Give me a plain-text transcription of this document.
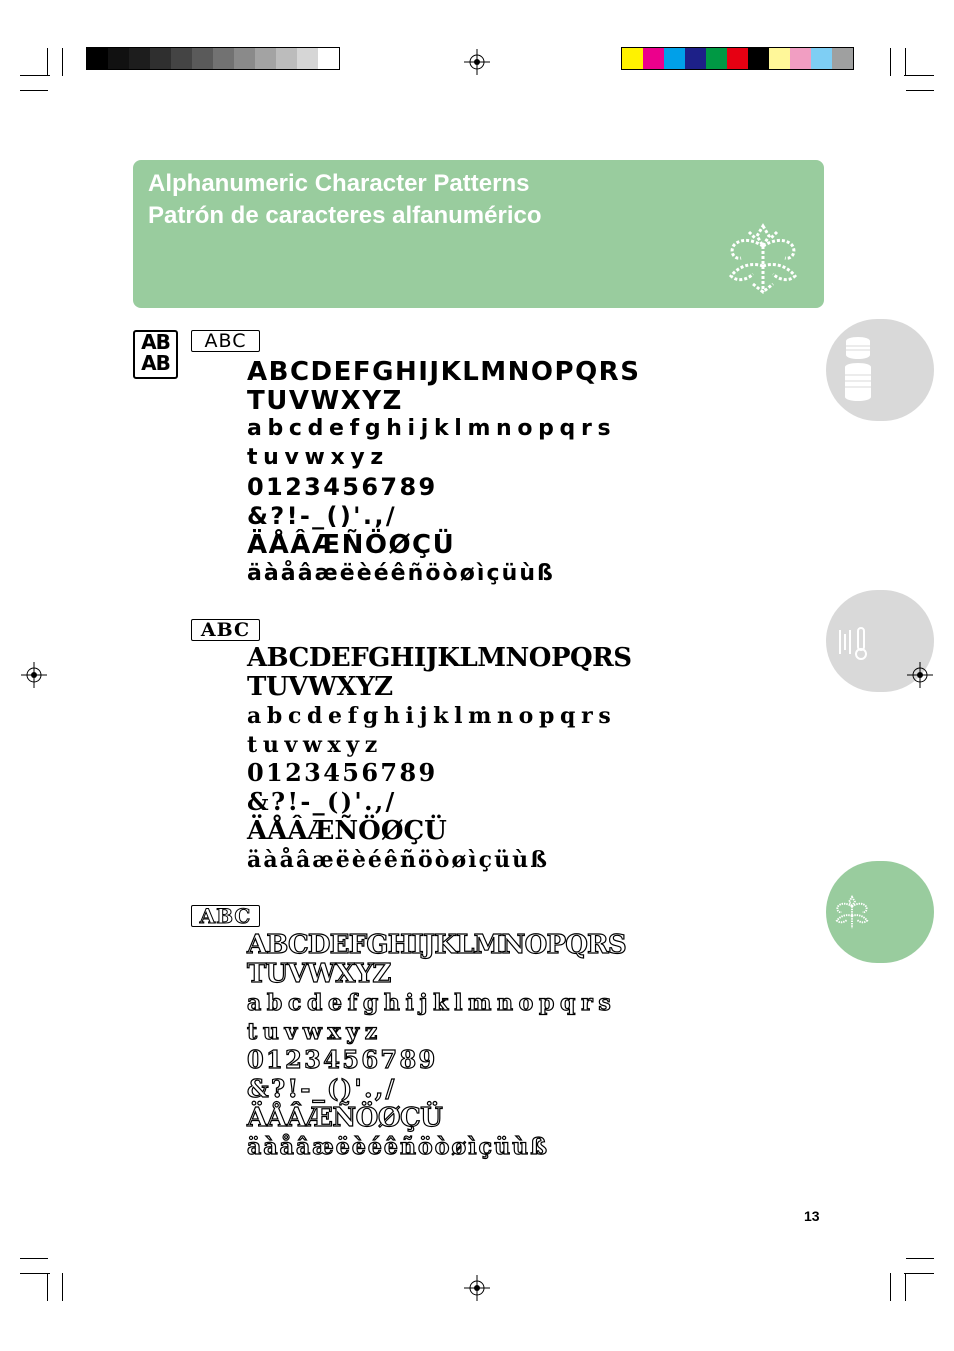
Alphanumeric Character Patterns
Patrón de caracteres alfanumérico
AB
AB
ABC
ABCDEFGHIJKLMNOPQRS
TUVWXYZ
a b c d e f g h i j k l m n o p q r s
t u v w x y z
0 1 2 3 4 5 6 7 8 9
& ? ! - _ ( ) ' . , /
ÄÅÂÆÑÖØÇÜ
ä à å â æ ë è é ê ñ ö ò ø ì ç ü ù ß
ABC
ABCDEFGHIJKLMNOPQRS
TUVWXYZ
a b c d e f g h i j k l m n o p q r s
t u v w x y z
0 1 2 3 4 5 6 7 8 9
& ? ! - _ ( ) ' . , /
ÄÅÂÆÑÖØÇÜ
ä à å â æ ë è é ê ñ ö ò ø ì ç ü ù ß
ABC
ABCDEFGHIJKLMNOPQRS
TUVWXYZ
a b c d e f g h i j k l m n o p q r s
t u v w x y z
0 1 2 3 4 5 6 7 8 9
& ? ! - _ ( ) ' . , /
ÄÅÂÆÑÖØÇÜ
ä à å â æ ë è é ê ñ ö ò ø ì ç ü ù ß
13
